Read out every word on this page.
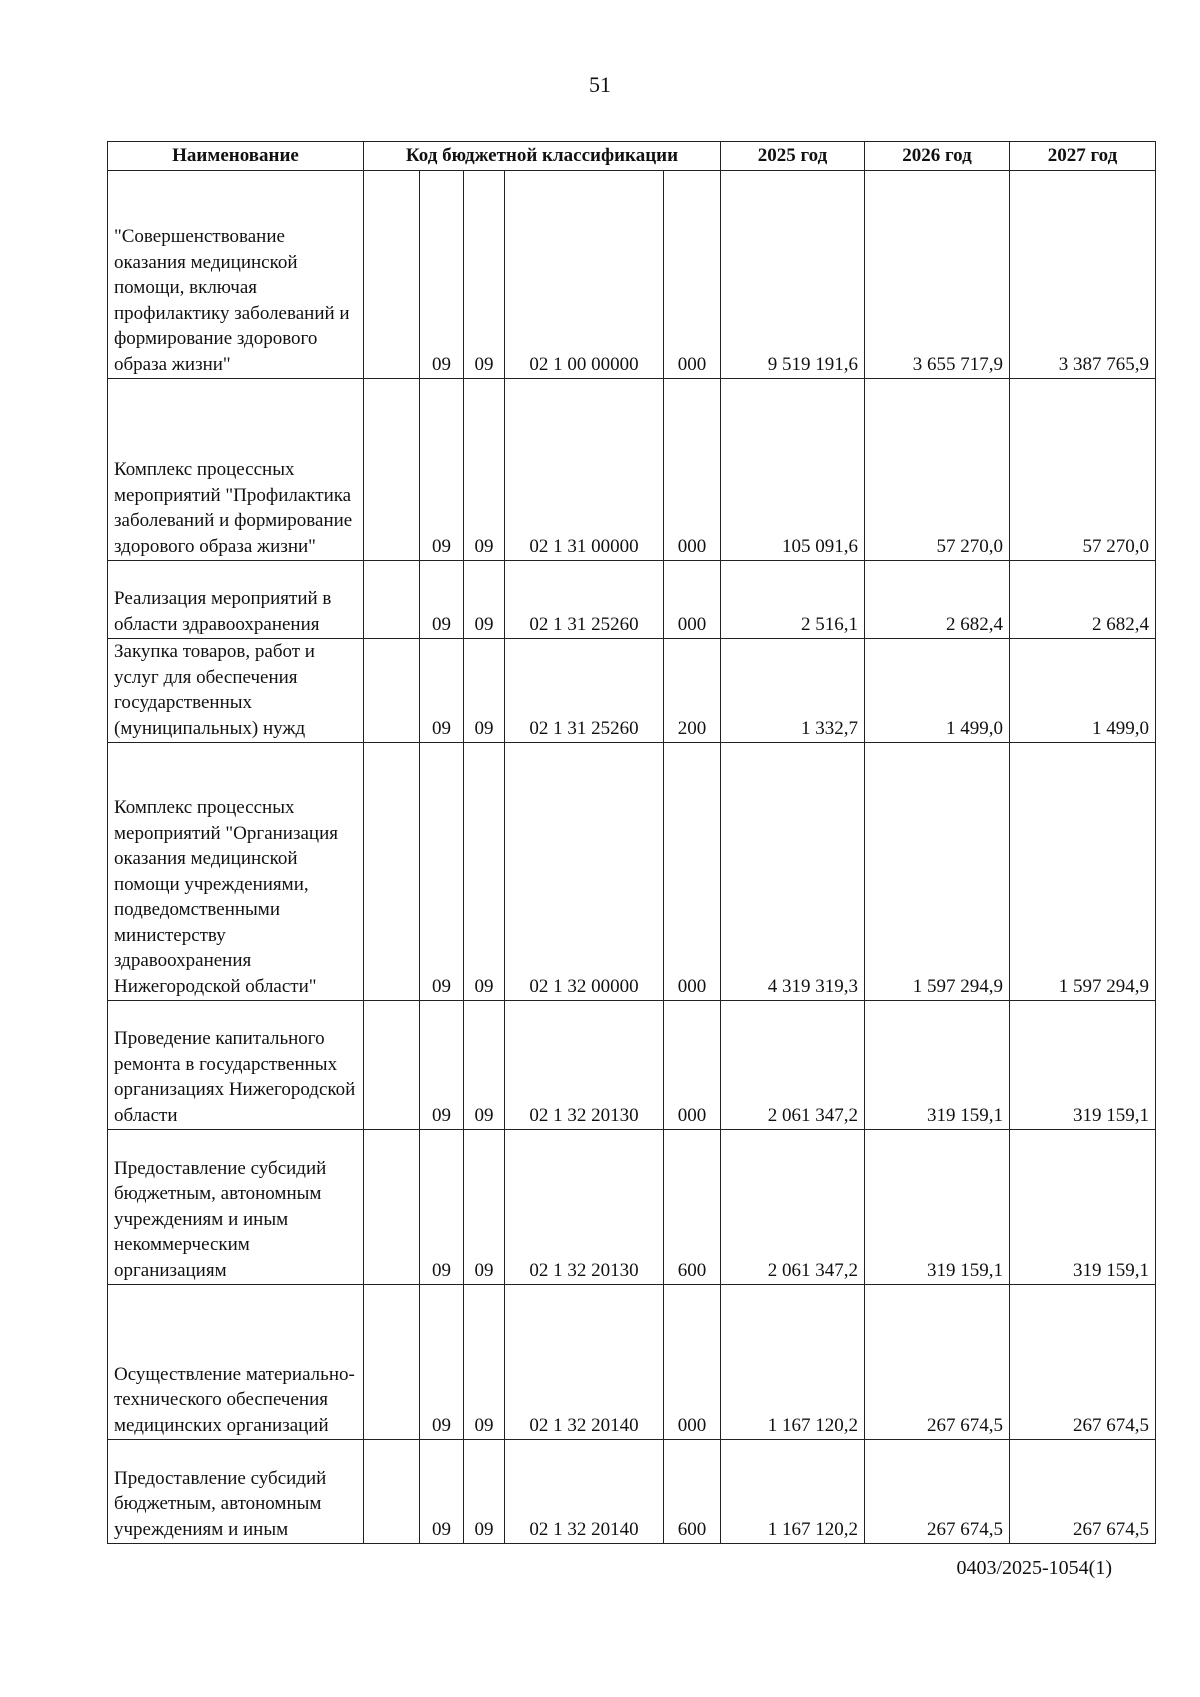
51
Наименование	Код бюджетной классификации					2025 год	2026 год	2027 год
"Совершенствование оказания медицинской помощи, включая профилактику заболеваний и формирование здорового образа жизни"		09	09	02 1 00 00000	000	9 519 191,6	3 655 717,9	3 387 765,9
Комплекс процессных мероприятий "Профилактика заболеваний и формирование здорового образа жизни"		09	09	02 1 31 00000	000	105 091,6	57 270,0	57 270,0
Реализация мероприятий в области здравоохранения		09	09	02 1 31 25260	000	2 516,1	2 682,4	2 682,4
Закупка товаров, работ и услуг для обеспечения государственных (муниципальных) нужд		09	09	02 1 31 25260	200	1 332,7	1 499,0	1 499,0
Комплекс процессных мероприятий "Организация оказания медицинской помощи учреждениями, подведомственными министерству здравоохранения Нижегородской области"		09	09	02 1 32 00000	000	4 319 319,3	1 597 294,9	1 597 294,9
Проведение капитального ремонта в государственных организациях Нижегородской области		09	09	02 1 32 20130	000	2 061 347,2	319 159,1	319 159,1
Предоставление субсидий бюджетным, автономным учреждениям и иным некоммерческим организациям		09	09	02 1 32 20130	600	2 061 347,2	319 159,1	319 159,1
Осуществление материально-технического обеспечения медицинских организаций		09	09	02 1 32 20140	000	1 167 120,2	267 674,5	267 674,5
Предоставление субсидий бюджетным, автономным учреждениям и иным		09	09	02 1 32 20140	600	1 167 120,2	267 674,5	267 674,5
0403/2025-1054(1)
